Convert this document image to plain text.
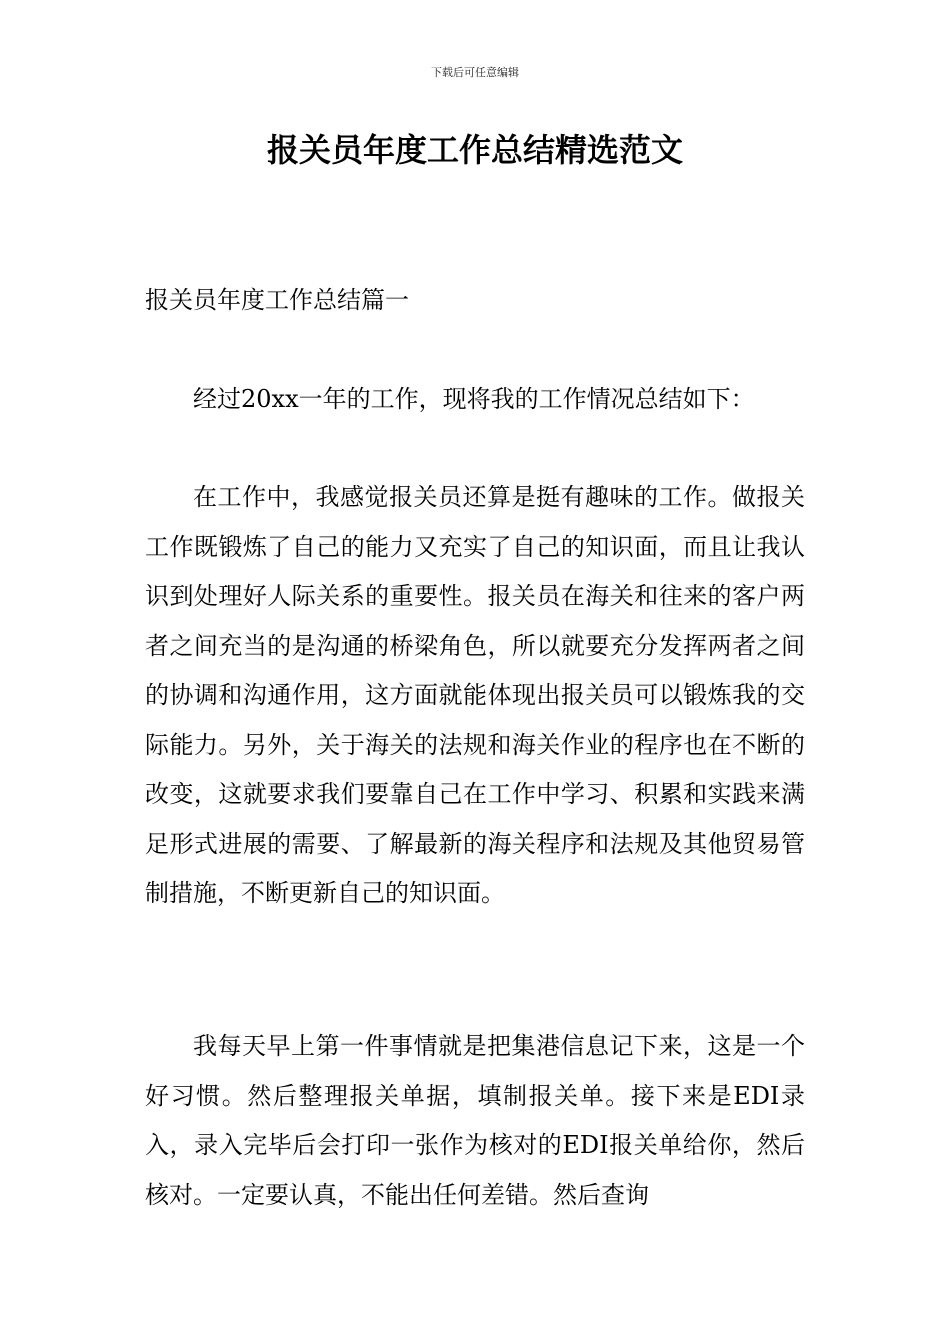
下载后可任意编辑
报关员年度工作总结精选范文
报关员年度工作总结篇一

经过20xx一年的工作，现将我的工作情况总结如下：

在工作中，我感觉报关员还算是挺有趣味的工作。做报关工作既锻炼了自己的能力又充实了自己的知识面，而且让我认识到处理好人际关系的重要性。报关员在海关和往来的客户两者之间充当的是沟通的桥梁角色，所以就要充分发挥两者之间的协调和沟通作用，这方面就能体现出报关员可以锻炼我的交际能力。另外，关于海关的法规和海关作业的程序也在不断的改变，这就要求我们要靠自己在工作中学习、积累和实践来满足形式进展的需要、了解最新的海关程序和法规及其他贸易管制措施，不断更新自己的知识面。

我每天早上第一件事情就是把集港信息记下来，这是一个好习惯。然后整理报关单据，填制报关单。接下来是EDI录入，录入完毕后会打印一张作为核对的EDI报关单给你，然后核对。一定要认真，不能出任何差错。然后查询
